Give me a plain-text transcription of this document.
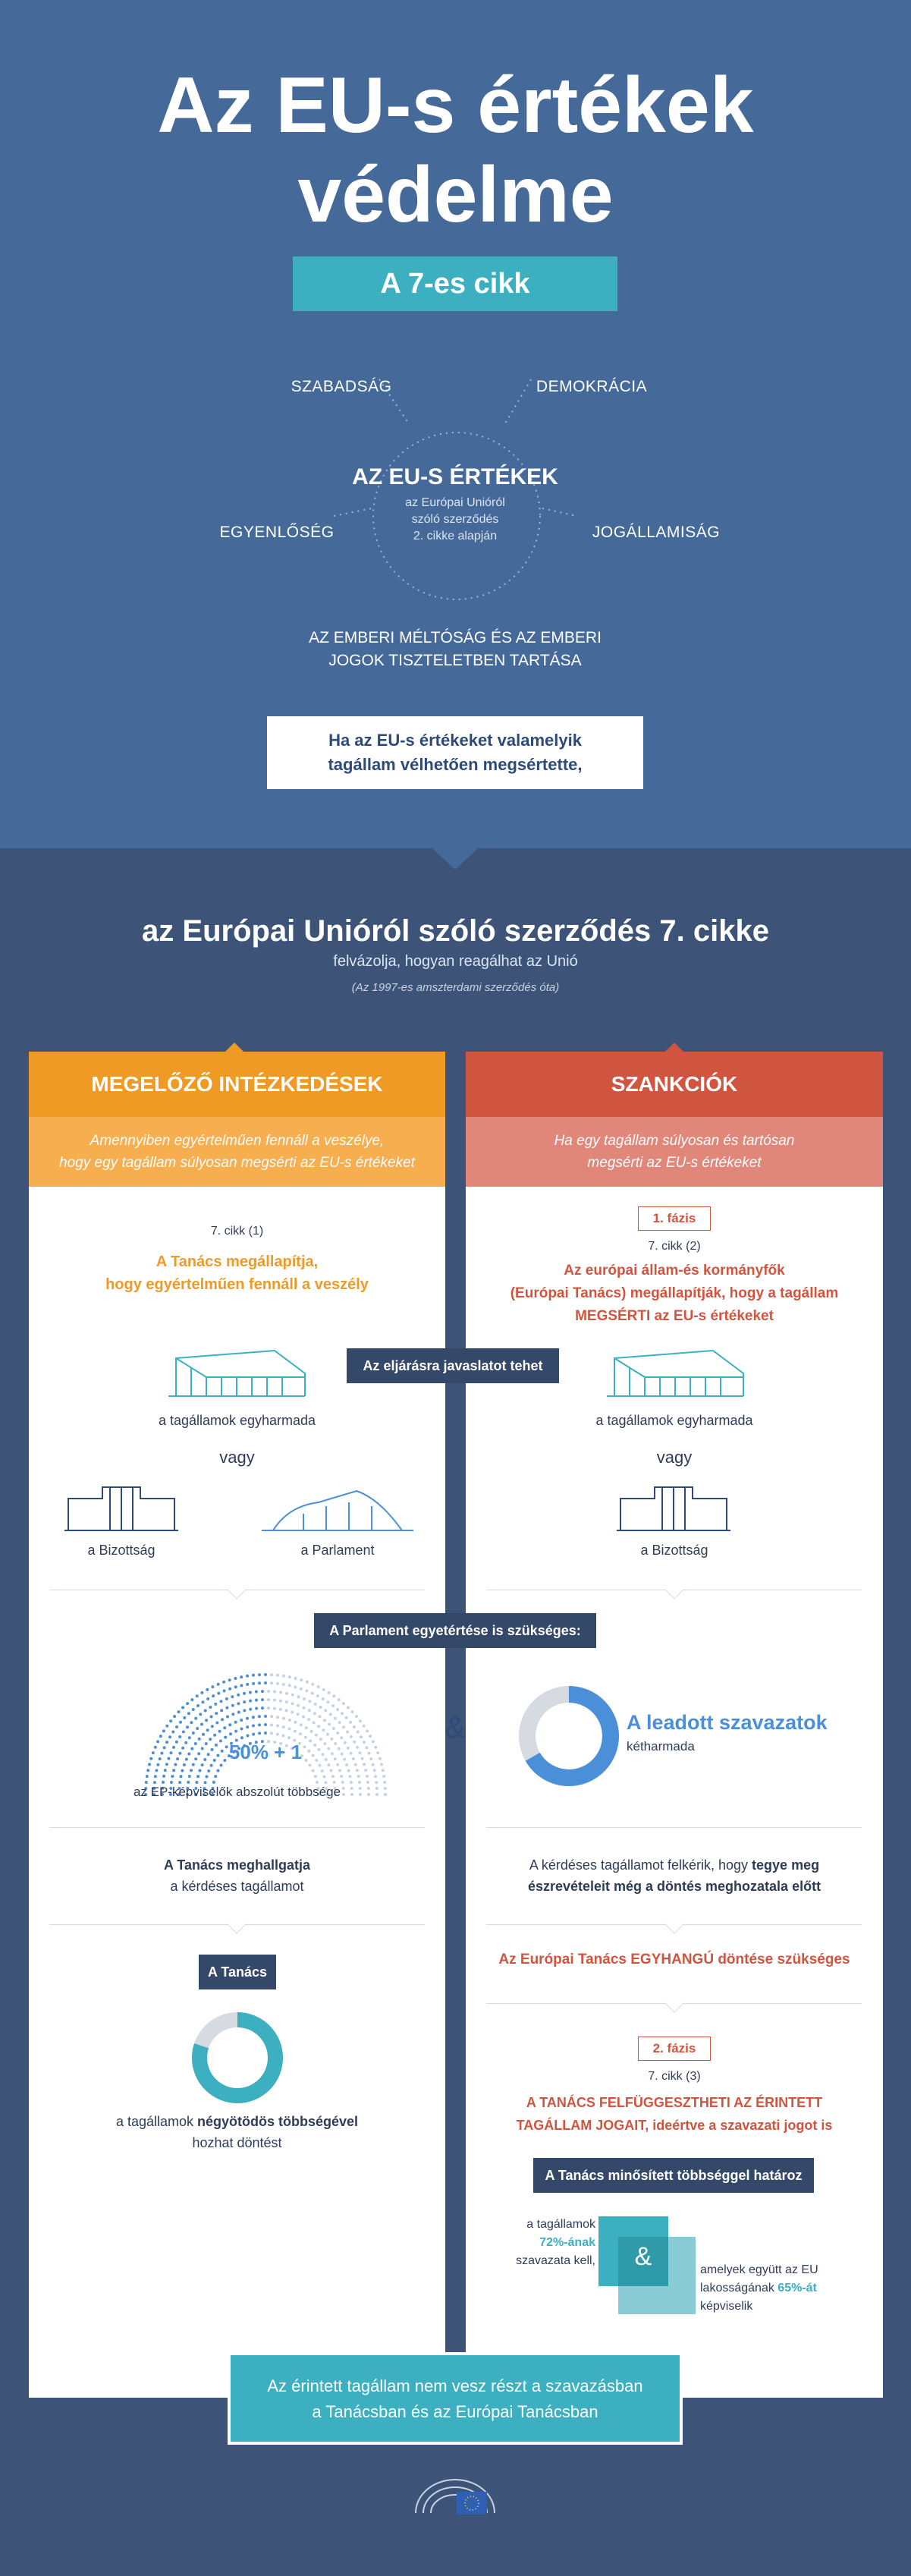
Az EU-s értékek
védelme
A 7-es cikk
SZABADSÁG	DEMOKRÁCIA
EGYENLŐSÉG	JOGÁLLAMISÁG
AZ EU-S ÉRTÉKEK
az Európai Unióról
szóló szerződés
2. cikke alapján
AZ EMBERI MÉLTÓSÁG ÉS AZ EMBERI
JOGOK TISZTELETBEN TARTÁSA
Ha az EU-s értékeket valamelyik
tagállam vélhetően megsértette,
az Európai Unióról szóló szerződés 7. cikke
felvázolja, hogyan reagálhat az Unió
(Az 1997-es amszterdami szerződés óta)
MEGELŐZŐ INTÉZKEDÉSEK
Amennyiben egyértelműen fennáll a veszélye,
hogy egy tagállam súlyosan megsérti az EU-s értékeket
SZANKCIÓK
Ha egy tagállam súlyosan és tartósan
megsérti az EU-s értékeket
7. cikk (1)
A Tanács megállapítja,
hogy egyértelműen fennáll a veszély
a tagállamok egyharmada
vagy
a Bizottság	a Parlament
1. fázis
7. cikk (2)
Az európai állam-és kormányfők
(Európai Tanács) megállapítják, hogy a tagállam
MEGSÉRTI az EU-s értékeket
a tagállamok egyharmada
vagy
a Bizottság
Az eljárásra javaslatot tehet
A Parlament egyetértése is szükséges:
50% + 1
az EP-képviselők abszolút többsége
&	A leadott szavazatok
kétharmada
A Tanács meghallgatja
a kérdéses tagállamot
A kérdéses tagállamot felkérik, hogy tegye meg
észrevételeit még a döntés meghozatala előtt
Az Európai Tanács EGYHANGÚ döntése szükséges
A Tanács
a tagállamok négyötödös többségével
hozhat döntést
2. fázis
7. cikk (3)
A TANÁCS FELFÜGGESZTHETI AZ ÉRINTETT
TAGÁLLAM JOGAIT, ideértve a szavazati jogot is
A Tanács minősített többséggel határoz
&
a tagállamok
72%-ának
szavazata kell,
amelyek együtt az EU
lakosságának 65%-át
képviselik
Az érintett tagállam nem vesz részt a szavazásban
a Tanácsban és az Európai Tanácsban
